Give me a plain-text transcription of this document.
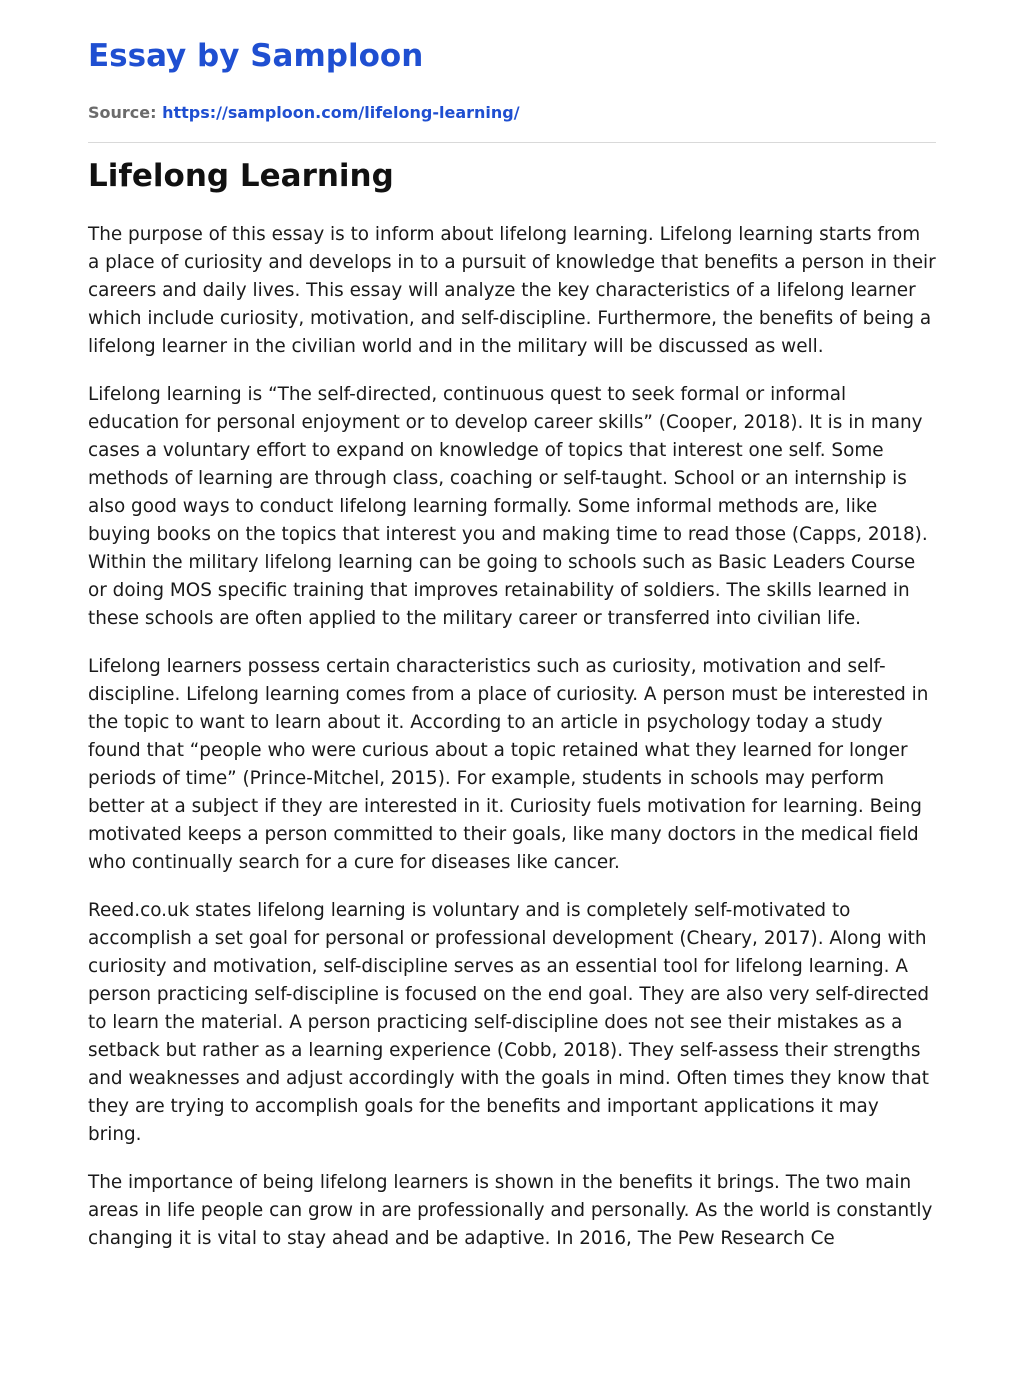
Essay by Samploon
Source: https://samploon.com/lifelong-learning/
Lifelong Learning

The purpose of this essay is to inform about lifelong learning. Lifelong learning starts from a place of curiosity and develops in to a pursuit of knowledge that benefits a person in their careers and daily lives. This essay will analyze the key characteristics of a lifelong learner which include curiosity, motivation, and self-discipline. Furthermore, the benefits of being a lifelong learner in the civilian world and in the military will be discussed as well.

Lifelong learning is “The self-directed, continuous quest to seek formal or informal education for personal enjoyment or to develop career skills” (Cooper, 2018). It is in many cases a voluntary effort to expand on knowledge of topics that interest one self. Some methods of learning are through class, coaching or self-taught. School or an internship is also good ways to conduct lifelong learning formally. Some informal methods are, like buying books on the topics that interest you and making time to read those (Capps, 2018). Within the military lifelong learning can be going to schools such as Basic Leaders Course or doing MOS specific training that improves retainability of soldiers. The skills learned in these schools are often applied to the military career or transferred into civilian life.

Lifelong learners possess certain characteristics such as curiosity, motivation and self-discipline. Lifelong learning comes from a place of curiosity. A person must be interested in the topic to want to learn about it. According to an article in psychology today a study found that “people who were curious about a topic retained what they learned for longer periods of time” (Prince-Mitchel, 2015). For example, students in schools may perform better at a subject if they are interested in it. Curiosity fuels motivation for learning. Being motivated keeps a person committed to their goals, like many doctors in the medical field who continually search for a cure for diseases like cancer.

Reed.co.uk states lifelong learning is voluntary and is completely self-motivated to accomplish a set goal for personal or professional development (Cheary, 2017). Along with curiosity and motivation, self-discipline serves as an essential tool for lifelong learning. A person practicing self-discipline is focused on the end goal. They are also very self-directed to learn the material. A person practicing self-discipline does not see their mistakes as a setback but rather as a learning experience (Cobb, 2018). They self-assess their strengths and weaknesses and adjust accordingly with the goals in mind. Often times they know that they are trying to accomplish goals for the benefits and important applications it may bring.

The importance of being lifelong learners is shown in the benefits it brings. The two main areas in life people can grow in are professionally and personally. As the world is constantly changing it is vital to stay ahead and be adaptive. In 2016, The Pew Research Ce
